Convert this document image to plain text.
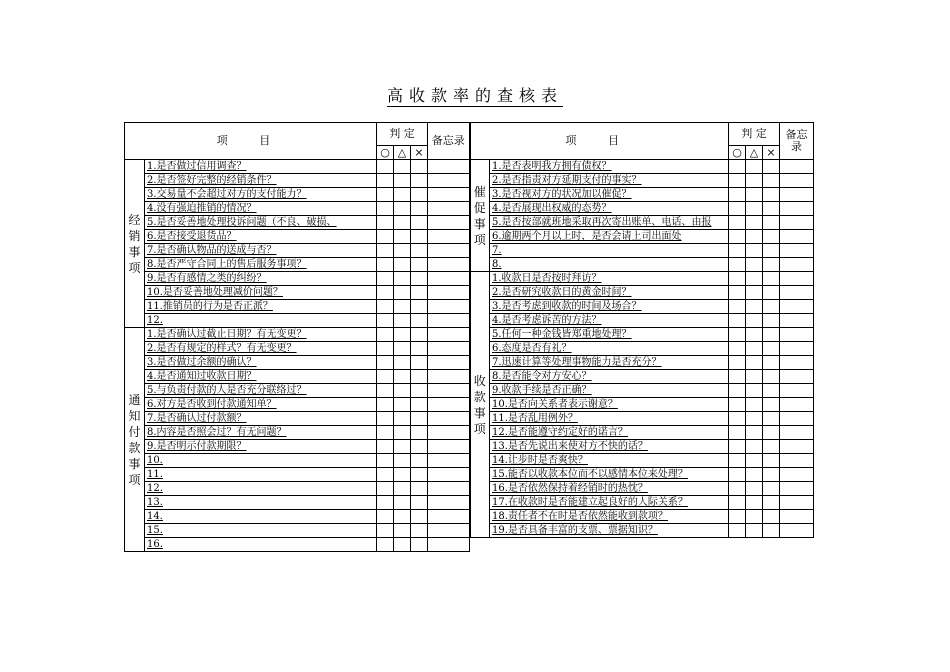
高收款率的查核表
项 目		判 定			备忘录	项 目		判 定			备忘录
		○	△	×				○	△	×	
经销事项	1.是否做过信用调查？					催促事项	1.是否表明我方拥有债权？				
	2.是否签好完整的经销条件？						2.是否指责对方延期支付的事实？				
	3.交易量不会超过对方的支付能力？						3.是否视对方的状况加以催促？				
	4.没有强迫推销的情况？						4.是否展现出权威的态势？				
	5.是否妥善地处理投诉问题（不良、破损、						5.是否按部就班地采取再次寄出账单、电话、由报				
	6.是否接受退货品？						6.逾期两个月以上时，是否会请上司出面处				
	7.是否确认物品的送成与否？						7.				
	8.是否严守合同上的售后服务事项？						8.				
	9.是否有感情之类的纠纷？					收款事项	1.收款日是否按时拜访？				
	10.是否妥善地处理减价问题？						2.是否研究收款日的黄金时间？				
	11.推销员的行为是否正派？						3.是否考虑到收款的时间及场合？				
	12.						4.是否考虑诉苦的方法？				
通知付款事项	1.是否确认过截止日期？有无变更？						5.任何一种金钱皆郑重地处理？				
	2.是否有规定的样式？有无变更？						6.态度是否有礼？				
	3.是否做过余额的确认？						7.迅速计算等处理事物能力是否充分？				
	4.是否通知过收款日期？						8.是否能令对方安心？				
	5.与负责付款的人是否充分联络过？						9.收款手续是否正确？				
	6.对方是否收到付款通知单？						10.是否向关系者表示谢意？				
	7.是否确认过付款额？						11.是否乱用例外？				
	8.内容是否照会过？有无问题？						12.是否能遵守约定好的诺言？				
	9.是否明示付款期限？						13.是否先说出来使对方不快的话？				
	10.						14.让步时是否爽快？				
	11.						15.能否以收款本位而不以感情本位来处理？				
	12.						16.是否依然保持着经销时的热忱？				
	13.						17.在收款时是否能建立起良好的人际关系？				
	14.						18.责任者不在时是否依然能收到款项？				
	15.						19.是否具备丰富的支票、票据知识？				
	16.										
